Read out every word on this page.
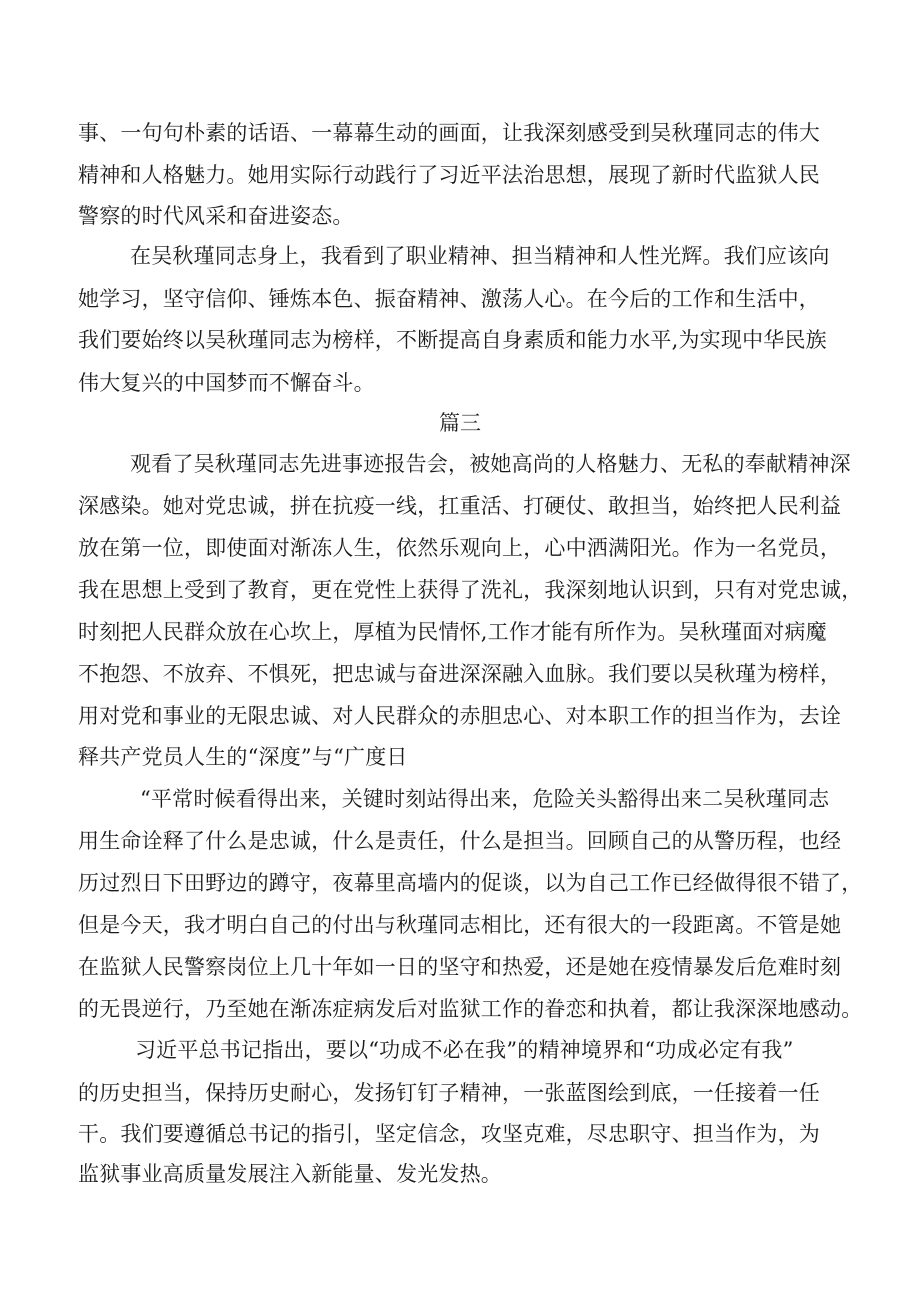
事、一句句朴素的话语、一幕幕生动的画面，让我深刻感受到吴秋瑾同志的伟大
精神和人格魅力。她用实际行动践行了习近平法治思想，展现了新时代监狱人民
警察的时代风采和奋进姿态。
在吴秋瑾同志身上，我看到了职业精神、担当精神和人性光辉。我们应该向
她学习，坚守信仰、锤炼本色、振奋精神、激荡人心。在今后的工作和生活中，
我们要始终以吴秋瑾同志为榜样，不断提高自身素质和能力水平,为实现中华民族
伟大复兴的中国梦而不懈奋斗。
篇三
观看了吴秋瑾同志先进事迹报告会，被她高尚的人格魅力、无私的奉献精神深
深感染。她对党忠诚，拼在抗疫一线，扛重活、打硬仗、敢担当，始终把人民利益
放在第一位，即使面对渐冻人生，依然乐观向上，心中洒满阳光。作为一名党员，
我在思想上受到了教育，更在党性上获得了洗礼，我深刻地认识到，只有对党忠诚，
时刻把人民群众放在心坎上，厚植为民情怀,工作才能有所作为。吴秋瑾面对病魔
不抱怨、不放弃、不惧死，把忠诚与奋进深深融入血脉。我们要以吴秋瑾为榜样，
用对党和事业的无限忠诚、对人民群众的赤胆忠心、对本职工作的担当作为，去诠
释共产党员人生的“深度”与“广度日
“平常时候看得出来，关键时刻站得出来，危险关头豁得出来二吴秋瑾同志
用生命诠释了什么是忠诚，什么是责任，什么是担当。回顾自己的从警历程，也经
历过烈日下田野边的蹲守，夜幕里高墙内的促谈，以为自己工作已经做得很不错了，
但是今天，我才明白自己的付出与秋瑾同志相比，还有很大的一段距离。不管是她
在监狱人民警察岗位上几十年如一日的坚守和热爱，还是她在疫情暴发后危难时刻
的无畏逆行，乃至她在渐冻症病发后对监狱工作的眷恋和执着，都让我深深地感动。
习近平总书记指出，要以“功成不必在我”的精神境界和“功成必定有我”
的历史担当，保持历史耐心，发扬钉钉子精神，一张蓝图绘到底，一任接着一任
干。我们要遵循总书记的指引，坚定信念，攻坚克难，尽忠职守、担当作为，为
监狱事业高质量发展注入新能量、发光发热。
